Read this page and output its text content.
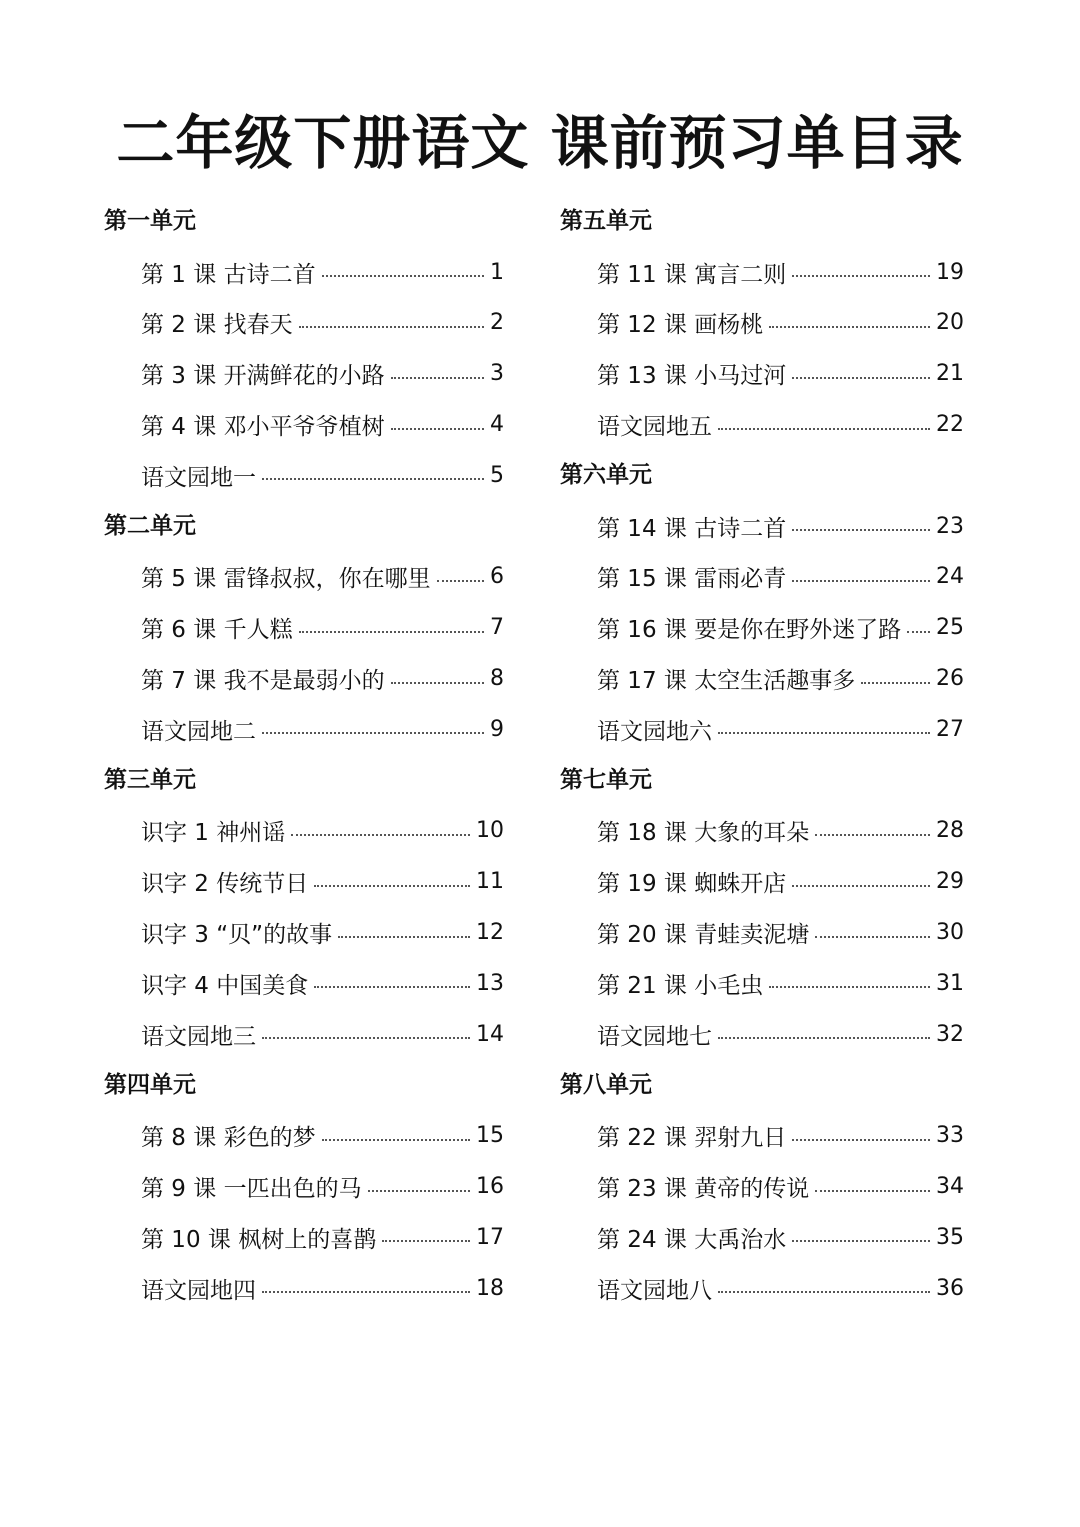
二年级下册语文 课前预习单目录
第一单元
第 1 课 古诗二首	1
第 2 课 找春天	2
第 3 课 开满鲜花的小路	3
第 4 课 邓小平爷爷植树	4
语文园地一	5
第二单元
第 5 课 雷锋叔叔，你在哪里	6
第 6 课 千人糕	7
第 7 课 我不是最弱小的	8
语文园地二	9
第三单元
识字 1 神州谣	10
识字 2 传统节日	11
识字 3 “贝”的故事	12
识字 4 中国美食	13
语文园地三	14
第四单元
第 8 课 彩色的梦	15
第 9 课 一匹出色的马	16
第 10 课 枫树上的喜鹊	17
语文园地四	18
第五单元
第 11 课 寓言二则	19
第 12 课 画杨桃	20
第 13 课 小马过河	21
语文园地五	22
第六单元
第 14 课 古诗二首	23
第 15 课 雷雨必青	24
第 16 课 要是你在野外迷了路 25
第 17 课 太空生活趣事多	26
语文园地六	27
第七单元
第 18 课 大象的耳朵	28
第 19 课 蜘蛛开店	29
第 20 课 青蛙卖泥塘	30
第 21 课 小毛虫	31
语文园地七	32
第八单元
第 22 课 羿射九日	33
第 23 课 黄帝的传说	34
第 24 课 大禹治水	35
语文园地八	36
